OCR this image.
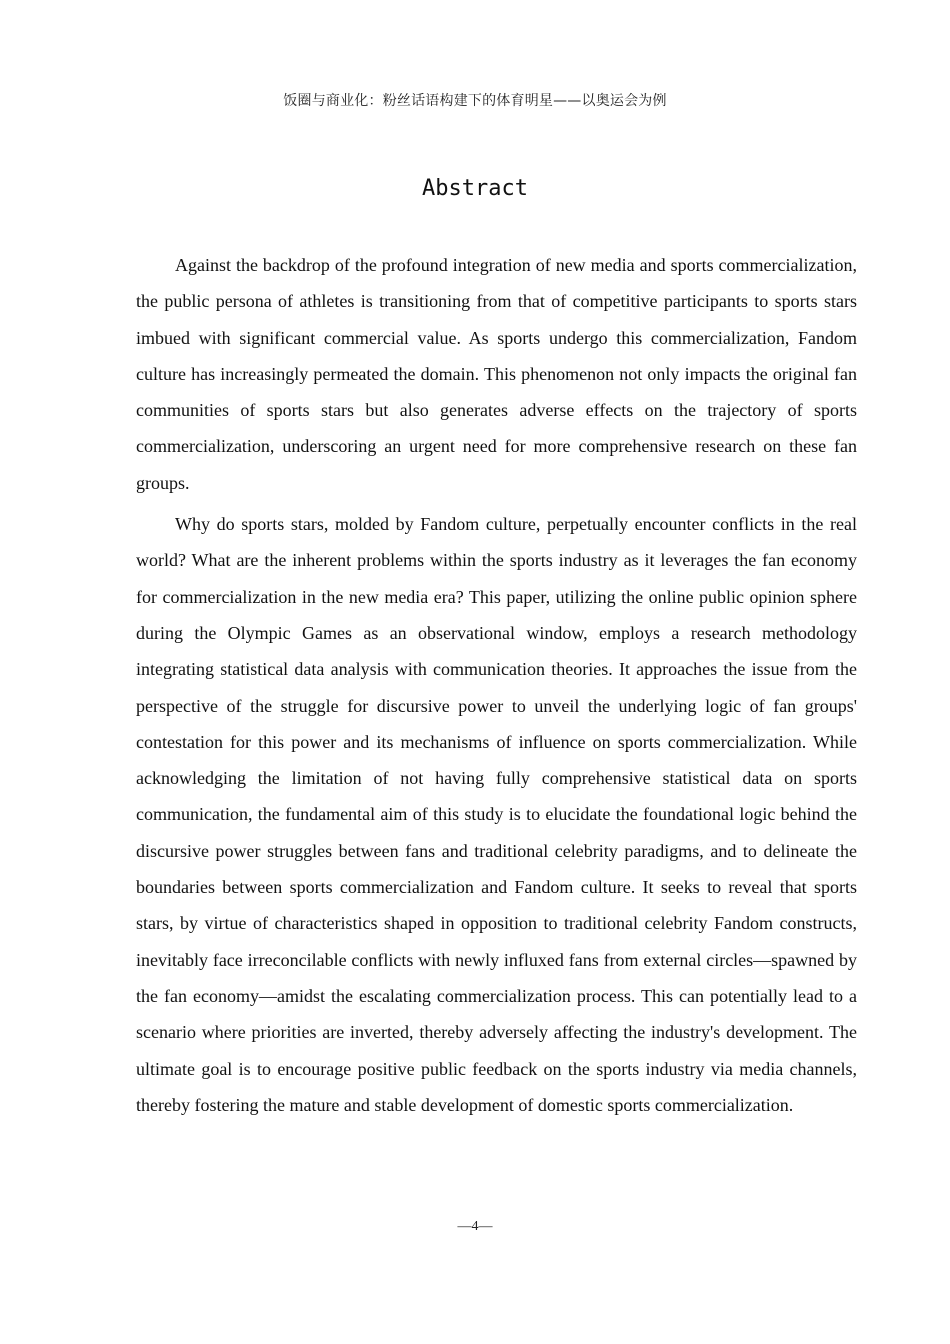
饭圈与商业化：粉丝话语构建下的体育明星——以奥运会为例
Abstract

Against the backdrop of the profound integration of new media and sports commercialization, the public persona of athletes is transitioning from that of competitive participants to sports stars imbued with significant commercial value. As sports undergo this commercialization, Fandom culture has increasingly permeated the domain. This phenomenon not only impacts the original fan communities of sports stars but also generates adverse effects on the trajectory of sports commercialization, underscoring an urgent need for more comprehensive research on these fan groups.

Why do sports stars, molded by Fandom culture, perpetually encounter conflicts in the real world? What are the inherent problems within the sports industry as it leverages the fan economy for commercialization in the new media era? This paper, utilizing the online public opinion sphere during the Olympic Games as an observational window, employs a research methodology integrating statistical data analysis with communication theories. It approaches the issue from the perspective of the struggle for discursive power to unveil the underlying logic of fan groups' contestation for this power and its mechanisms of influence on sports commercialization. While acknowledging the limitation of not having fully comprehensive statistical data on sports communication, the fundamental aim of this study is to elucidate the foundational logic behind the discursive power struggles between fans and traditional celebrity paradigms, and to delineate the boundaries between sports commercialization and Fandom culture. It seeks to reveal that sports stars, by virtue of characteristics shaped in opposition to traditional celebrity Fandom constructs, inevitably face irreconcilable conflicts with newly influxed fans from external circles—spawned by the fan economy—amidst the escalating commercialization process. This can potentially lead to a scenario where priorities are inverted, thereby adversely affecting the industry's development. The ultimate goal is to encourage positive public feedback on the sports industry via media channels, thereby fostering the mature and stable development of domestic sports commercialization.

—4—
